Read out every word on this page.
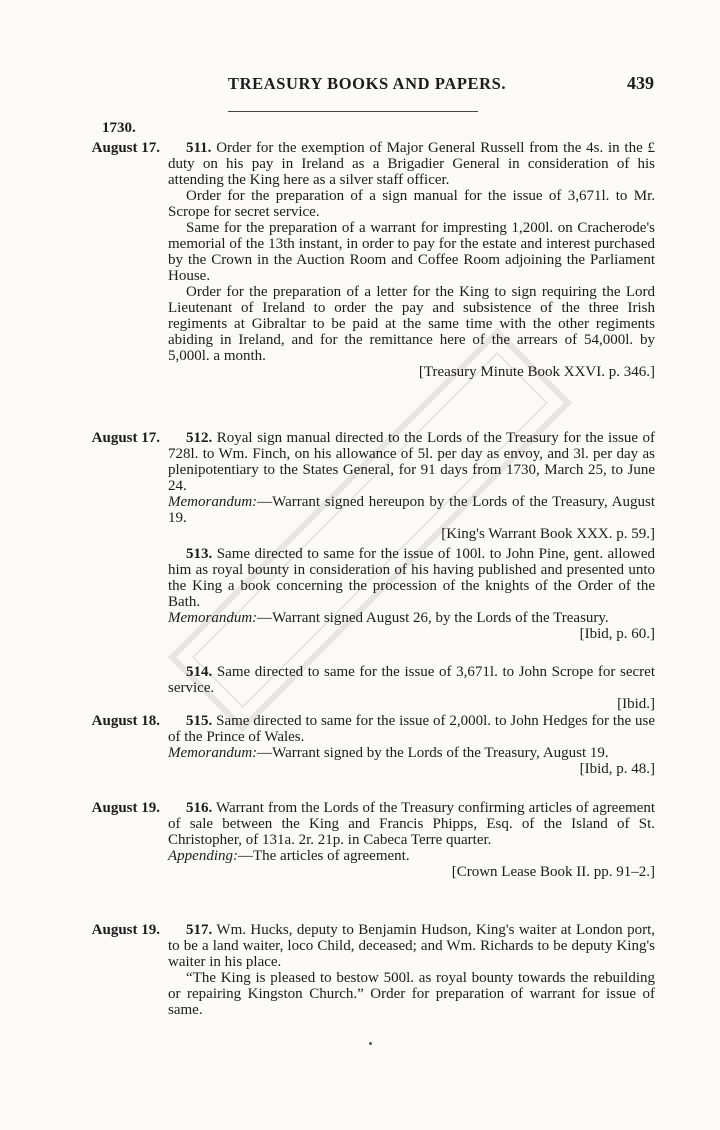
TREASURY BOOKS AND PAPERS.	439
1730.
August 17.	511. Order for the exemption of Major General Russell from the 4s. in the £ duty on his pay in Ireland as a Brigadier General in consideration of his attending the King here as a silver staff officer.

Order for the preparation of a sign manual for the issue of 3,671l. to Mr. Scrope for secret service.

Same for the preparation of a warrant for impresting 1,200l. on Cracherode's memorial of the 13th instant, in order to pay for the estate and interest purchased by the Crown in the Auction Room and Coffee Room adjoining the Parliament House.

Order for the preparation of a letter for the King to sign requiring the Lord Lieutenant of Ireland to order the pay and subsistence of the three Irish regiments at Gibraltar to be paid at the same time with the other regiments abiding in Ireland, and for the remittance here of the arrears of 54,000l. by 5,000l. a month.

[Treasury Minute Book XXVI. p. 346.]
August 17.	512. Royal sign manual directed to the Lords of the Treasury for the issue of 728l. to Wm. Finch, on his allowance of 5l. per day as envoy, and 3l. per day as plenipotentiary to the States General, for 91 days from 1730, March 25, to June 24.

Memorandum:—Warrant signed hereupon by the Lords of the Treasury, August 19.

[King's Warrant Book XXX. p. 59.]

513. Same directed to same for the issue of 100l. to John Pine, gent. allowed him as royal bounty in consideration of his having published and presented unto the King a book concerning the procession of the knights of the Order of the Bath.

Memorandum:—Warrant signed August 26, by the Lords of the Treasury.

[Ibid, p. 60.]

514. Same directed to same for the issue of 3,671l. to John Scrope for secret service.

[Ibid.]
August 18.	515. Same directed to same for the issue of 2,000l. to John Hedges for the use of the Prince of Wales.

Memorandum:—Warrant signed by the Lords of the Treasury, August 19.

[Ibid, p. 48.]
August 19.	516. Warrant from the Lords of the Treasury confirming articles of agreement of sale between the King and Francis Phipps, Esq. of the Island of St. Christopher, of 131a. 2r. 21p. in Cabeca Terre quarter.

Appending:—The articles of agreement.

[Crown Lease Book II. pp. 91–2.]
August 19.	517. Wm. Hucks, deputy to Benjamin Hudson, King's waiter at London port, to be a land waiter, loco Child, deceased; and Wm. Richards to be deputy King's waiter in his place.

“The King is pleased to bestow 500l. as royal bounty towards the rebuilding or repairing Kingston Church.” Order for preparation of warrant for issue of same.
